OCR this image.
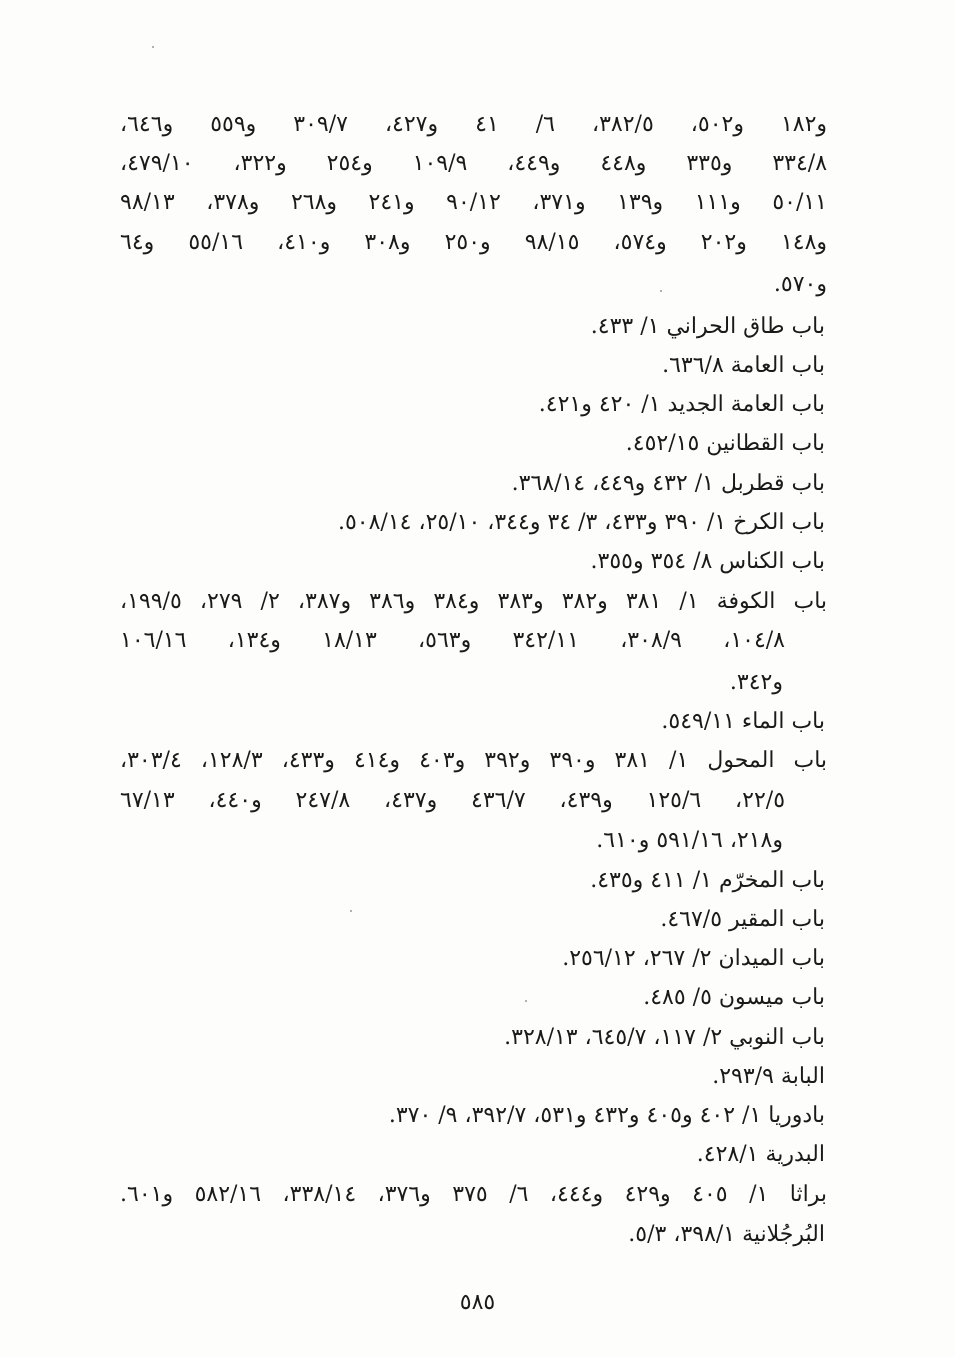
و١٨٢ و٥٠٢، ٣٨٢/٥، ٦/ ٤١ و٤٢٧، ٣٠٩/٧ و٥٥٩ و٦٤٦،
٣٣٤/٨ و٣٣٥ و٤٤٨ و٤٤٩، ١٠٩/٩ و٢٥٤ و٣٢٢، ٤٧٩/١٠،
٥٠/١١ و١١١ و١٣٩ و٣٧١، ٩٠/١٢ و٢٤١ و٢٦٨ و٣٧٨، ٩٨/١٣
و١٤٨ و٢٠٢ و٥٧٤، ٩٨/١٥ و٢٥٠ و٣٠٨ و٤١٠، ٥٥/١٦ و٦٤
و٥٧٠.
باب طاق الحراني ١/ ٤٣٣.
باب العامة ٦٣٦/٨.
باب العامة الجديد ١/ ٤٢٠ و٤٢١.
باب القطانين ٤٥٢/١٥.
باب قطربل ١/ ٤٣٢ و٤٤٩، ٣٦٨/١٤.
باب الكرخ ١/ ٣٩٠ و٤٣٣، ٣/ ٣٤ و٣٤٤، ٢٥/١٠، ٥٠٨/١٤.
باب الكناس ٨/ ٣٥٤ و٣٥٥.
باب الكوفة ١/ ٣٨١ و٣٨٢ و٣٨٣ و٣٨٤ و٣٨٦ و٣٨٧، ٢/ ٢٧٩، ١٩٩/٥،
١٠٤/٨، ٣٠٨/٩، ٣٤٢/١١ و٥٦٣، ١٨/١٣ و١٣٤، ١٠٦/١٦
و٣٤٢.
باب الماء ٥٤٩/١١.
باب المحول ١/ ٣٨١ و٣٩٠ و٣٩٢ و٤٠٣ و٤١٤ و٤٣٣، ١٢٨/٣، ٣٠٣/٤،
٢٢/٥، ١٢٥/٦ و٤٣٩، ٤٣٦/٧ و٤٣٧، ٢٤٧/٨ و٤٤٠، ٦٧/١٣
و٢١٨، ٥٩١/١٦ و٦١٠.
باب المخرّم ١/ ٤١١ و٤٣٥.
باب المقير ٤٦٧/٥.
باب الميدان ٢/ ٢٦٧، ٢٥٦/١٢.
باب ميسون ٥/ ٤٨٥.
باب النوبي ٢/ ١١٧، ٦٤٥/٧، ٣٢٨/١٣.
البابة ٢٩٣/٩.
بادوريا ١/ ٤٠٢ و٤٠٥ و٤٣٢ و٥٣١، ٣٩٢/٧، ٩/ ٣٧٠.
البدرية ٤٢٨/١.
براثا ١/ ٤٠٥ و٤٢٩ و٤٤٤، ٦/ ٣٧٥ و٣٧٦، ٣٣٨/١٤، ٥٨٢/١٦ و٦٠١.
البُرجُلانية ٣٩٨/١، ٥/٣.
٥٨٥
